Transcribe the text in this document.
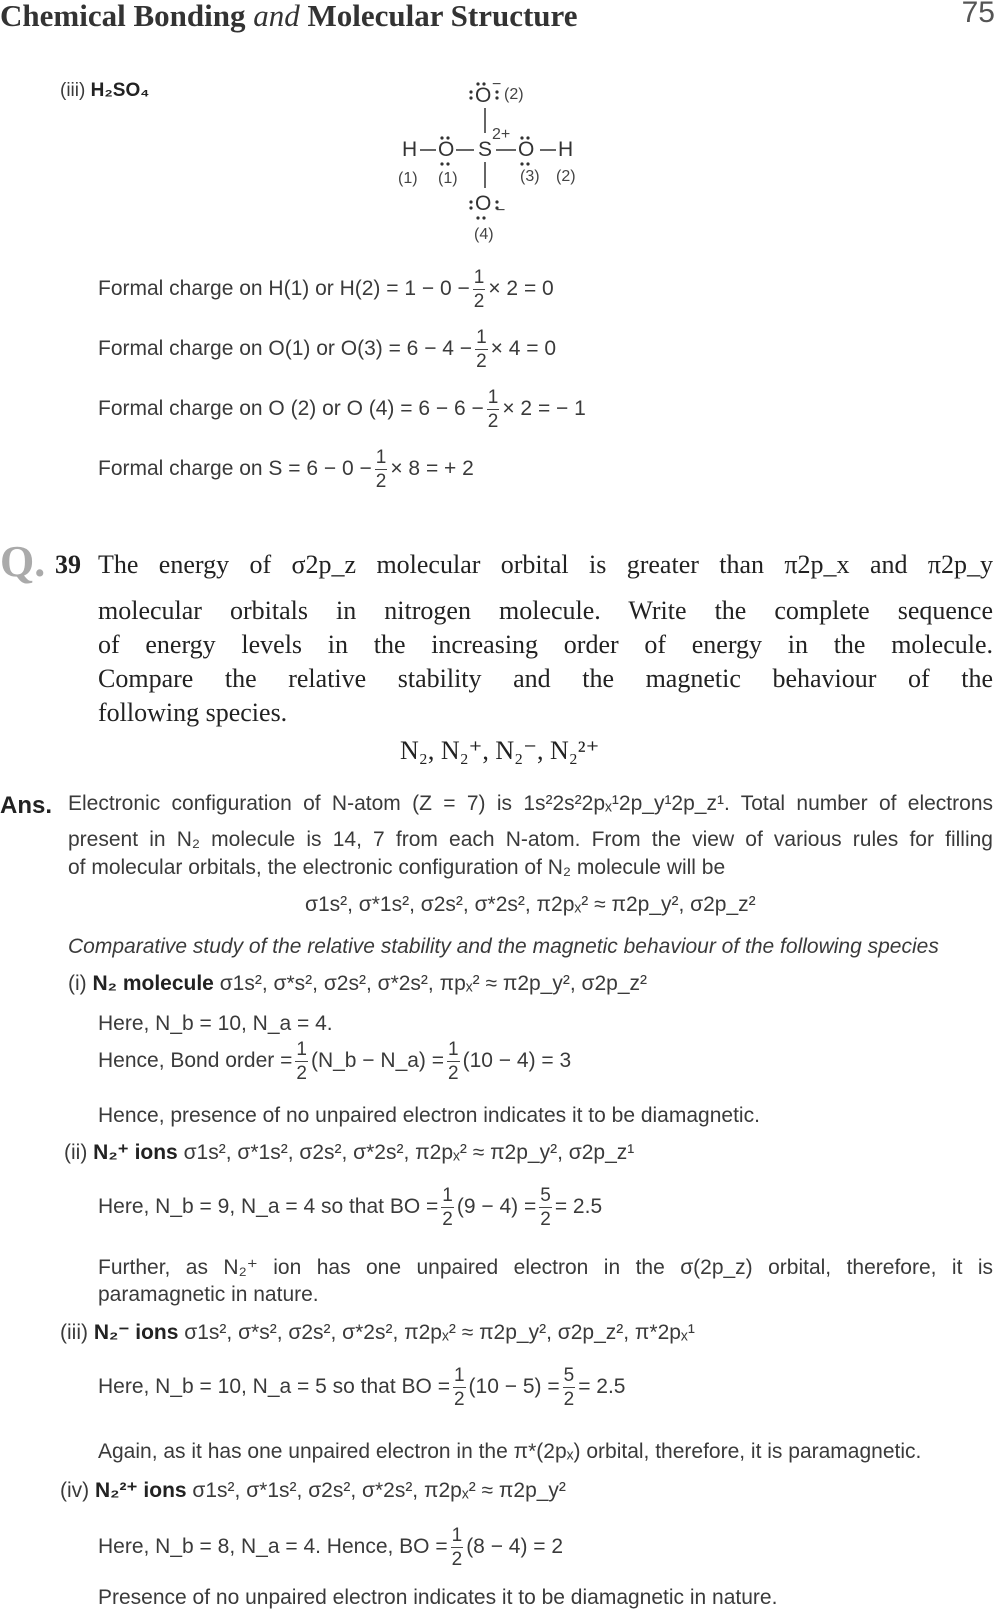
Chemical Bonding and Molecular Structure	75
(iii) H₂SO₄	O −
(2)
H O S
2+
O H
(1) (1)	(3) (2)
O −
(4)
Formal charge on H(1) or $H(2) = 1 - 0 - \frac{1}{2} \times 2 = 0$
Formal charge on O(1) or $O(3) = 6 - 4 - \frac{1}{2} \times 4 = 0$
Formal charge on O (2) or O $(4) = 6 - 6 - \frac{1}{2} \times 2$ = − 1
Formal charge on $S = 6 - 0 - \frac{1}{2} \times 8$ = + 2
Q. 39 The energy of σ2p_z molecular orbital is greater than π2p_x and π2p_y
molecular orbitals in nitrogen molecule. Write the complete sequence
of energy levels in the increasing order of energy in the molecule.
Compare the relative stability and the magnetic behaviour of the
following species.
N₂, N₂⁺, N₂⁻, N₂²⁺
Ans. Electronic configuration of N-atom (Z = 7) is 1s²2s²2pₓ¹2p_y¹2p_z¹. Total number of electrons
present in N₂ molecule is 14, 7 from each N-atom. From the view of various rules for filling
of molecular orbitals, the electronic configuration of N₂ molecule will be
σ1s², σ*1s², σ2s², σ*2s², π2pₓ² ≈ π2p_y², σ2p_z²
Comparative study of the relative stability and the magnetic behaviour of the following species
(i) N₂ molecule σ1s², σ*s², σ2s², σ*2s², πpₓ² ≈ π2p_y², σ2p_z²
Here, N_b = 10, N_a = 4.
Hence, Bond order = $\frac{1}{2}$ (N_b − N_a) = $\frac{1}{2} (10 - 4) = 3$
Hence, presence of no unpaired electron indicates it to be diamagnetic.
(ii) N₂⁺ ions σ1s², σ*1s², σ2s², σ*2s², π2pₓ² ≈ π2p_y², σ2p_z¹
Here, N_b = 9, N_a = 4 so that BO = $\frac{1}{2} (9 - 4) = \frac{5}{2} = 2.5$
Further, as N₂⁺ ion has one unpaired electron in the σ(2p_z) orbital, therefore, it is
paramagnetic in nature.
(iii) N₂⁻ ions σ1s², σ*s², σ2s², σ*2s², π2pₓ² ≈ π2p_y², σ2p_z², π*2pₓ¹
Here, N_b = 10, N_a = 5 so that BO = $\frac{1}{2} (10 - 5) = \frac{5}{2} = 2.5$
Again, as it has one unpaired electron in the π*(2pₓ) orbital, therefore, it is paramagnetic.
(iv) N₂²⁺ ions σ1s², σ*1s², σ2s², σ*2s², π2pₓ² ≈ π2p_y²
Here, N_b = 8, N_a = 4. Hence, BO = $\frac{1}{2} (8 - 4) = 2$
Presence of no unpaired electron indicates it to be diamagnetic in nature.
